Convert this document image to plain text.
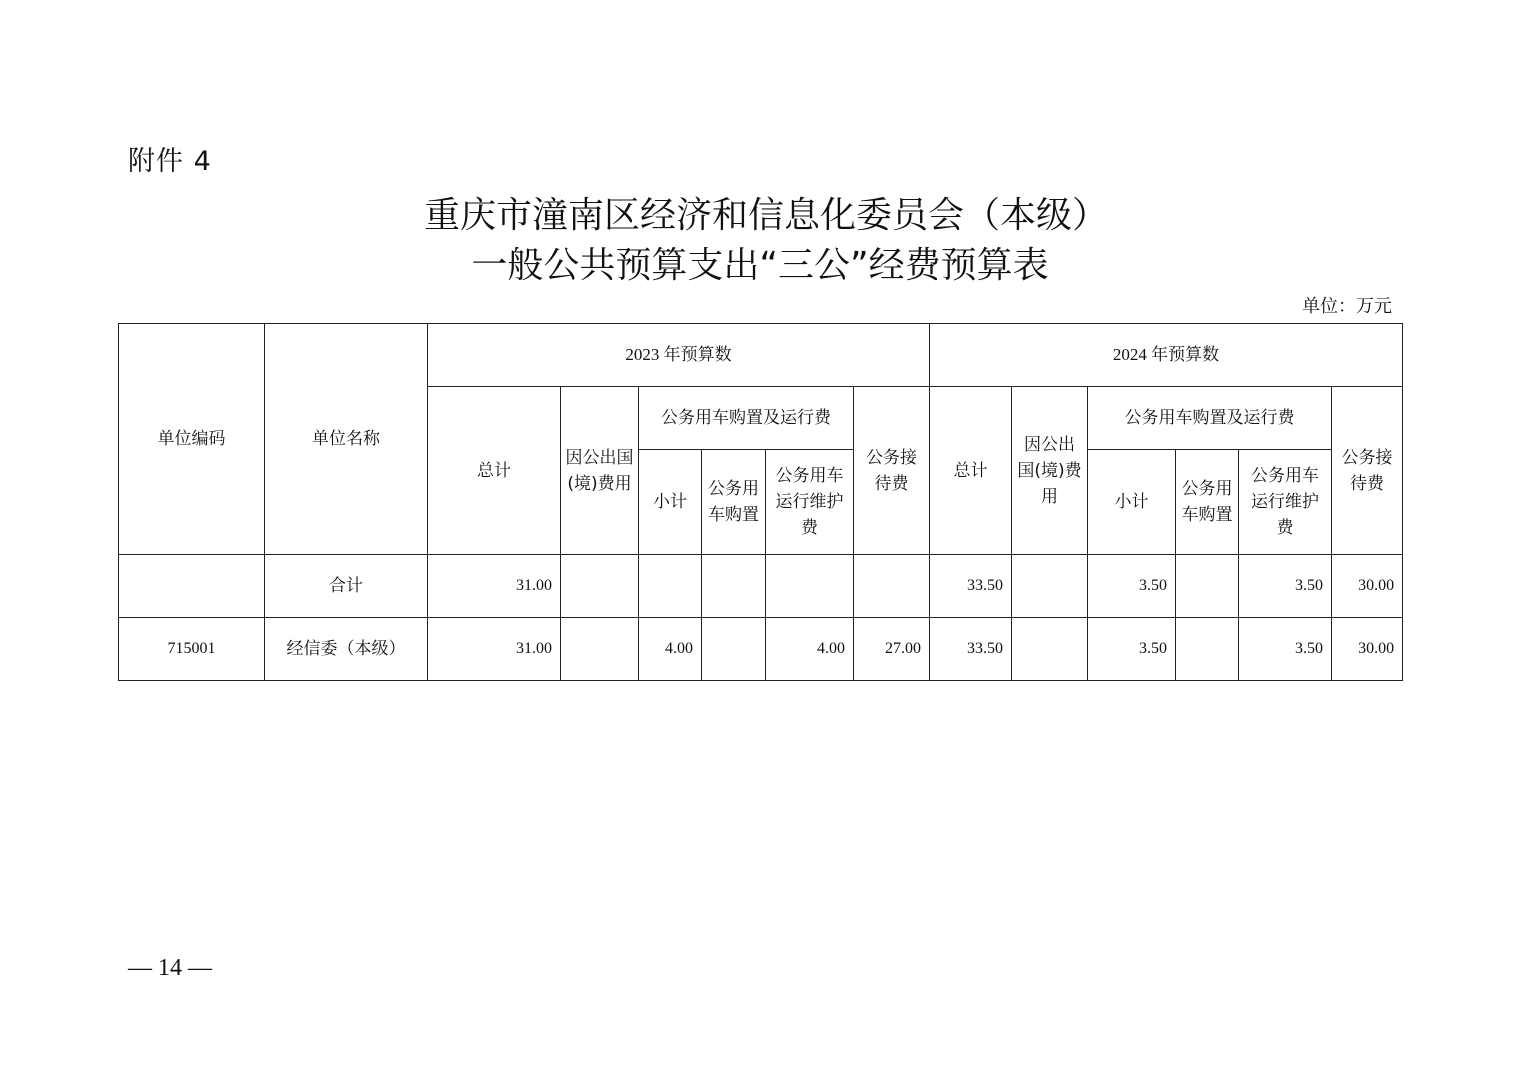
附件 4
重庆市潼南区经济和信息化委员会（本级）
一般公共预算支出“三公”经费预算表
单位：万元
单位编码	单位名称	2023 年预算数						2024 年预算数					
		总计	因公出国(境)费用	公务用车购置及运行费			公务接待费	总计	因公出国(境)费用	公务用车购置及运行费			公务接待费
				小计	公务用车购置	公务用车运行维护费				小计	公务用车购置	公务用车运行维护费	
	合计	31.00						33.50		3.50		3.50	30.00
715001	经信委（本级）	31.00		4.00		4.00	27.00	33.50		3.50		3.50	30.00
— 14 —
